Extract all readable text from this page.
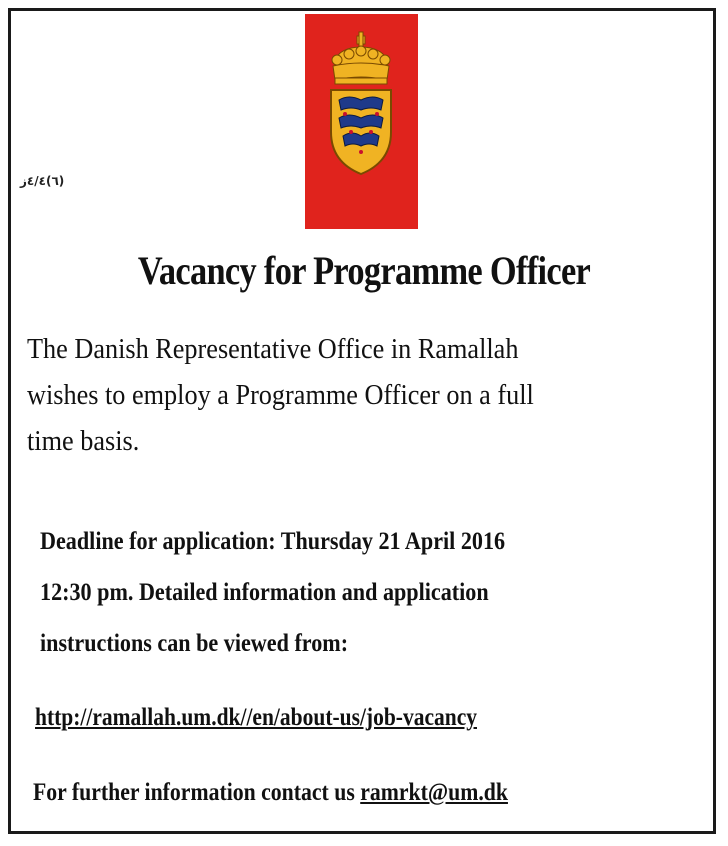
(٦)٤/٤ز
Vacancy for Programme Officer
The Danish Representative Office in Ramallah
wishes to employ a Programme Officer on a full
time basis.
Deadline for application: Thursday 21 April 2016
12:30 pm. Detailed information and application
instructions can be viewed from:
http://ramallah.um.dk//en/about-us/job-vacancy
For further information contact us ramrkt@um.dk
